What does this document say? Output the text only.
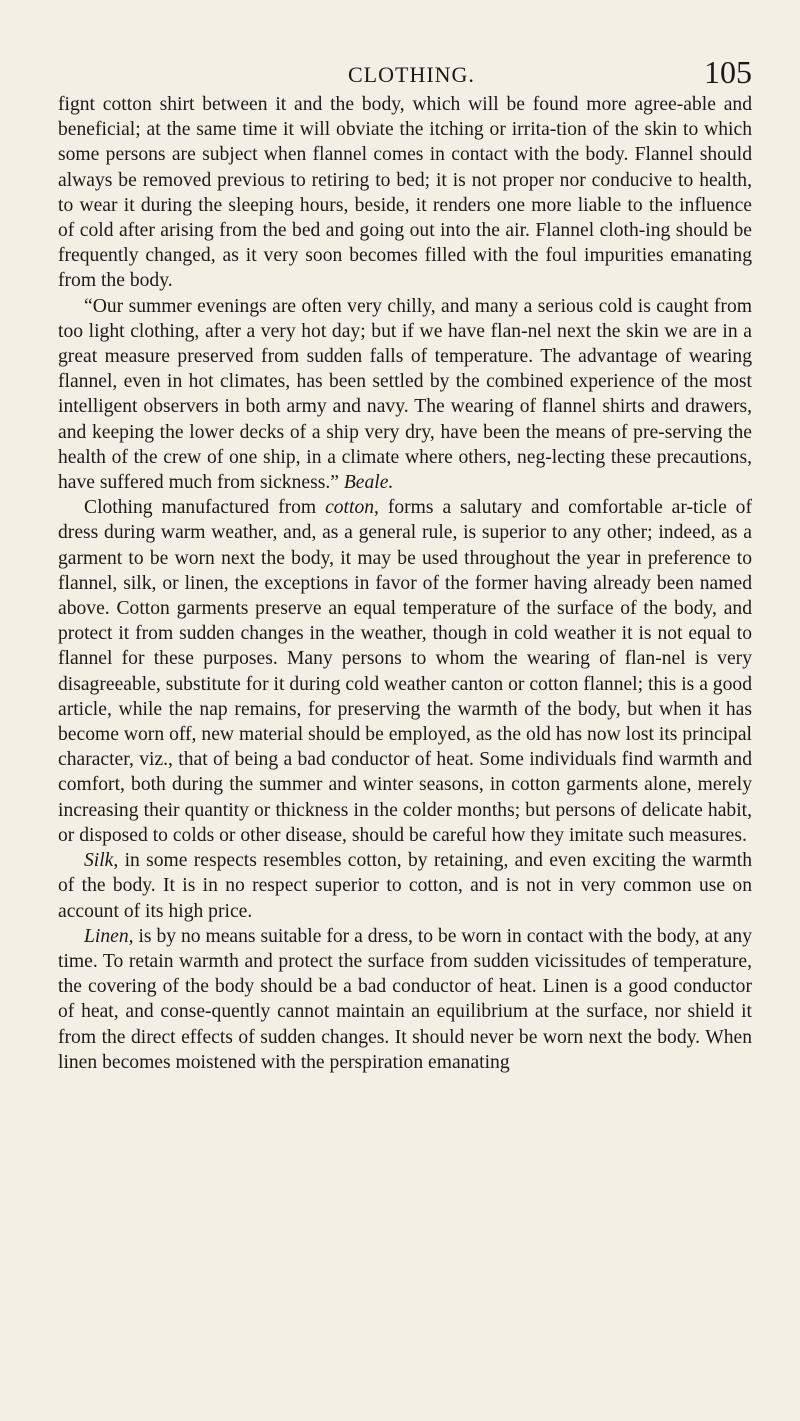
CLOTHING.	105

fignt cotton shirt between it and the body, which will be found more agree-able and beneficial; at the same time it will obviate the itching or irrita-tion of the skin to which some persons are subject when flannel comes in contact with the body. Flannel should always be removed previous to retiring to bed; it is not proper nor conducive to health, to wear it during the sleeping hours, beside, it renders one more liable to the influence of cold after arising from the bed and going out into the air. Flannel cloth-ing should be frequently changed, as it very soon becomes filled with the foul impurities emanating from the body.

“Our summer evenings are often very chilly, and many a serious cold is caught from too light clothing, after a very hot day; but if we have flan-nel next the skin we are in a great measure preserved from sudden falls of temperature. The advantage of wearing flannel, even in hot climates, has been settled by the combined experience of the most intelligent observers in both army and navy. The wearing of flannel shirts and drawers, and keeping the lower decks of a ship very dry, have been the means of pre-serving the health of the crew of one ship, in a climate where others, neg-lecting these precautions, have suffered much from sickness.” Beale.

Clothing manufactured from cotton, forms a salutary and comfortable ar-ticle of dress during warm weather, and, as a general rule, is superior to any other; indeed, as a garment to be worn next the body, it may be used throughout the year in preference to flannel, silk, or linen, the exceptions in favor of the former having already been named above. Cotton garments preserve an equal temperature of the surface of the body, and protect it from sudden changes in the weather, though in cold weather it is not equal to flannel for these purposes. Many persons to whom the wearing of flan-nel is very disagreeable, substitute for it during cold weather canton or cotton flannel; this is a good article, while the nap remains, for preserving the warmth of the body, but when it has become worn off, new material should be employed, as the old has now lost its principal character, viz., that of being a bad conductor of heat. Some individuals find warmth and comfort, both during the summer and winter seasons, in cotton garments alone, merely increasing their quantity or thickness in the colder months; but persons of delicate habit, or disposed to colds or other disease, should be careful how they imitate such measures.

Silk, in some respects resembles cotton, by retaining, and even exciting the warmth of the body. It is in no respect superior to cotton, and is not in very common use on account of its high price.

Linen, is by no means suitable for a dress, to be worn in contact with the body, at any time. To retain warmth and protect the surface from sudden vicissitudes of temperature, the covering of the body should be a bad conductor of heat. Linen is a good conductor of heat, and conse-quently cannot maintain an equilibrium at the surface, nor shield it from the direct effects of sudden changes. It should never be worn next the body. When linen becomes moistened with the perspiration emanating
